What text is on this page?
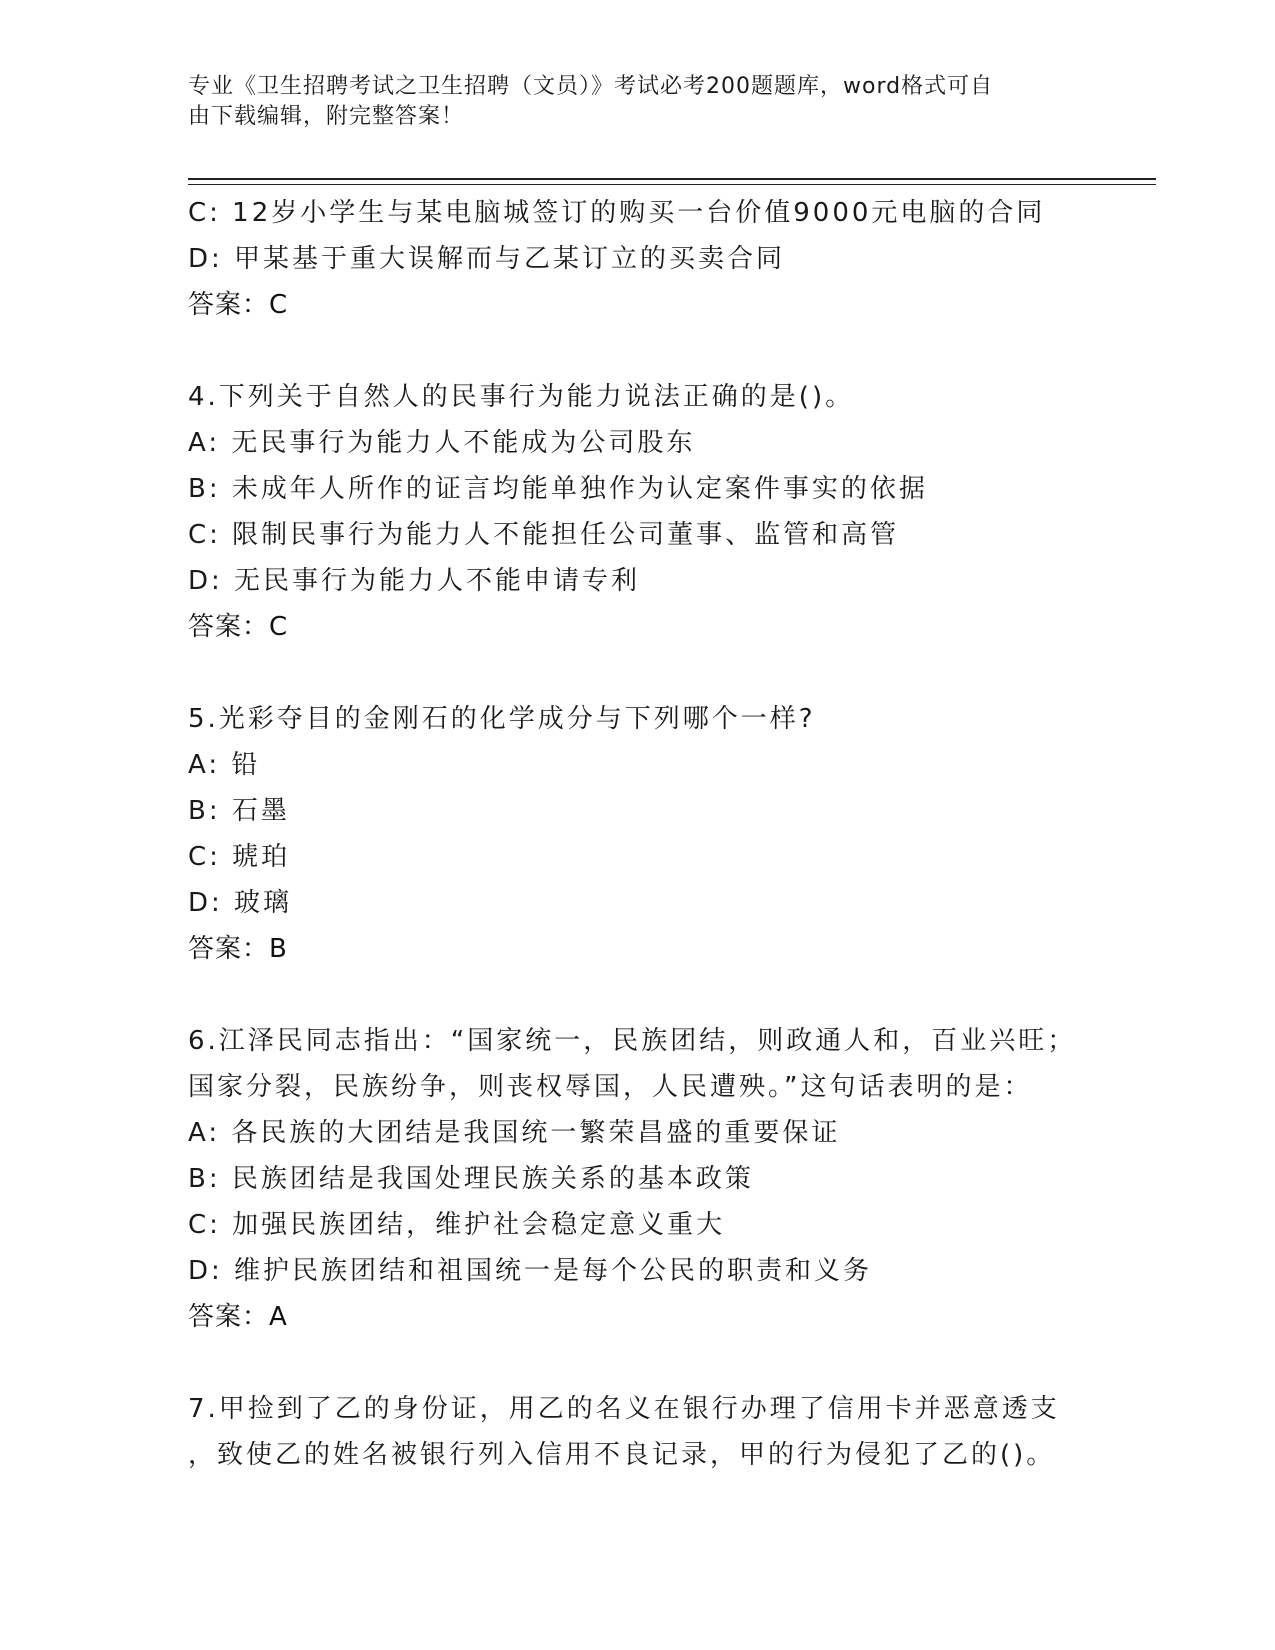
专业《卫生招聘考试之卫生招聘（文员）》考试必考200题题库，word格式可自
由下载编辑，附完整答案！
C: 12岁小学生与某电脑城签订的购买一台价值9000元电脑的合同
D: 甲某基于重大误解而与乙某订立的买卖合同
答案：C
4.下列关于自然人的民事行为能力说法正确的是()。
A: 无民事行为能力人不能成为公司股东
B: 未成年人所作的证言均能单独作为认定案件事实的依据
C: 限制民事行为能力人不能担任公司董事、监管和高管
D: 无民事行为能力人不能申请专利
答案：C
5.光彩夺目的金刚石的化学成分与下列哪个一样?
A: 铅
B: 石墨
C: 琥珀
D: 玻璃
答案：B
6.江泽民同志指出：“国家统一，民族团结，则政通人和，百业兴旺；
国家分裂，民族纷争，则丧权辱国，人民遭殃。”这句话表明的是：
A: 各民族的大团结是我国统一繁荣昌盛的重要保证
B: 民族团结是我国处理民族关系的基本政策
C: 加强民族团结，维护社会稳定意义重大
D: 维护民族团结和祖国统一是每个公民的职责和义务
答案：A
7.甲捡到了乙的身份证，用乙的名义在银行办理了信用卡并恶意透支
，致使乙的姓名被银行列入信用不良记录，甲的行为侵犯了乙的()。
